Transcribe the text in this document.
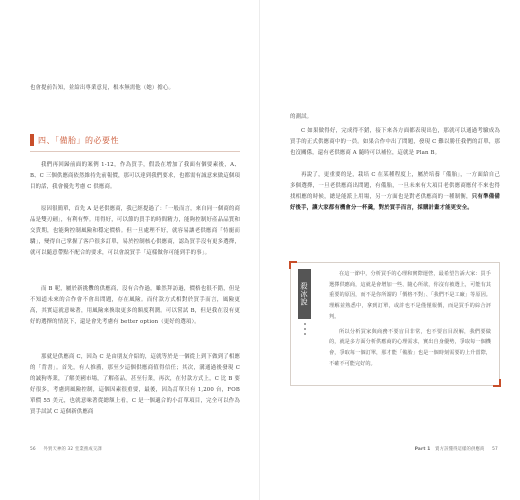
也會提前告知，並給出專業意見，根本無需他（她）擔心。

四、「備胎」的必要性

我們再回歸前面的案例 1-12，作為買手，假設在增加了我面有個要素後，A、B、C 三個供應商依然維持先前報價，那可以達到我們要求，也都需有誠意來做這個項目的話，我會優先考慮 C 供應商。

原因很簡單，首先 A 是老供應商，我已經提過了：「一般而言，來自同一個商的商品是雙刃劍」，有利有弊。用得好，可以節約買手的時間精力，能夠控制好產品品質和交貨期，也能夠控制風險和穩定價格。但一旦處理不好，就容易讓老供應商「恃寵而驕」，變得自己掌握了客戶很多訂單，易於控制核心供應商，認為買手沒有更多選擇，就可以隨意帶點不配合的要求，可以會說買手「這樣做你可能到手的事」。

而 B 呢，屬於新挑釁的供應商，沒有合作過，雖然拜訪過，價格也很不錯，但是不知道未來的合作會不會出問題，存在風險。而付款方式相對於買手而言，風險更高，其實這就意味著，用風險來換取更多的額度利潤。可以嘗試 B，但是我在沒有更好的選擇的情況下，還是會先考慮有 better option（更好的選項）。

那就是供應商 C，因為 C 是由朋友介紹的，這就等於是一個從上到下做到了相應的「背書」。首先，有人推薦，那至少這個供應商值得信任；其次，溝通過後發現 C 的誠狗專業，了解美國市場，了解產品，甚至行業，再次，在付款方式上，C 比 B 要好很多，考慮到風險控制，這個因素很重要，最後，因為訂單只有 1,200 台，FOB 單價 55 美元，也就意味著從總額上看，C 是一個適合的小訂單項目，完全可以作為買手試試 C 這個新供應商

56 外貿天神的 32 堂業務成交課

的測試。

C 如果做得好，完成得不錯，接下來各方面都表現出色，那就可以通過考驗成為買手的正式供應商中的一員。如果合作中出了問題，發現 C 難以勝任我們的訂單，那也沒關係，還有老供應商 A 隨時可以補位，這就是 Plan B。

再說了，更重要的是，栽培 C 在某種程度上，屬於培養「備胎」，一方面給自己多個選擇，一旦老供應商出問題，有備胎，一旦未來有大項目老供應商應付不來也得找相應的時候，總是能派上用場，另一方面也是對老供應商的一種制衡，只有準備備好後手，讓大家都有機會分一杯羹，對於買手而言，採購計畫才能更安全。

殺冰說

在這一節中，分析買手的心理和實際運營，最希望告訴大家：買手選擇供應商，這就是會增加一些、隨心所欲，你沒有被選上，可能有其重要的原因，而不是你所謂的「價格不對」、「我們不是工廠」等原因。理解並熟悉中，拿到訂單，或許也不是僅僅報價，而是買手的綜合評判。

所以分析買家與商務不要盲目非常，也不要盲目誤解，我們要做的，就是多方面分析供應商的心理需求，實出自身優勢，爭取每一個機會，爭取每一個訂單，那才能「備胎」也是一個時刻需要的上升當際，不確不可能完好的。

Part 1 賣方該懂得這樣的供應商 57
